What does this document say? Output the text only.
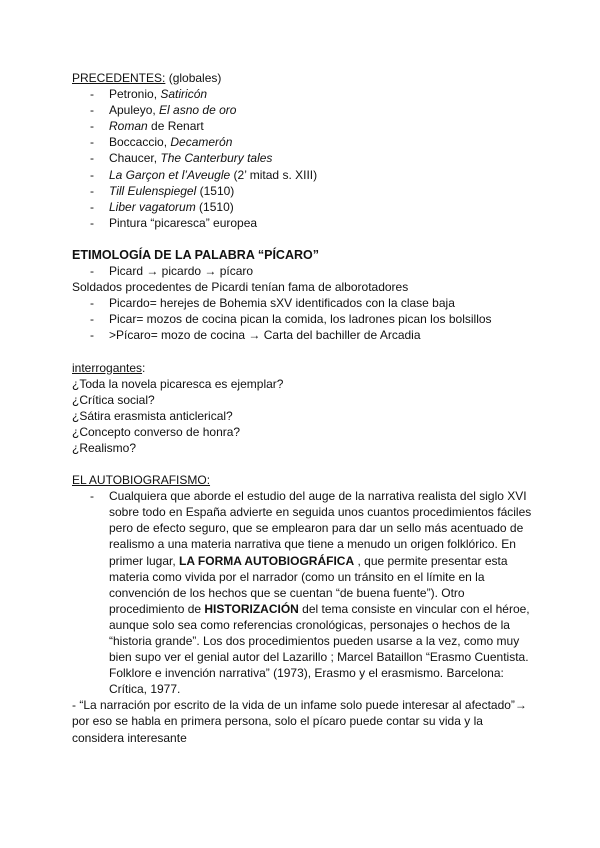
PRECEDENTES: (globales)
- Petronio, Satiricón
- Apuleyo, El asno de oro
- Roman de Renart
- Boccaccio, Decamerón
- Chaucer, The Canterbury tales
- La Garçon et l’Aveugle (2’ mitad s. XIII)
- Till Eulenspiegel (1510)
- Liber vagatorum (1510)
- Pintura “picaresca” europea
ETIMOLOGÍA DE LA PALABRA “PÍCARO”
- Picard → picardo → pícaro
Soldados procedentes de Picardi tenían fama de alborotadores
- Picardo= herejes de Bohemia sXV identificados con la clase baja
- Picar= mozos de cocina pican la comida, los ladrones pican los bolsillos
- >Pícaro= mozo de cocina → Carta del bachiller de Arcadia
interrogantes:
¿Toda la novela picaresca es ejemplar?
¿Crítica social?
¿Sátira erasmista anticlerical?
¿Concepto converso de honra?
¿Realismo?
EL AUTOBIOGRAFISMO:
- Cualquiera que aborde el estudio del auge de la narrativa realista del siglo XVI sobre todo en España advierte en seguida unos cuantos procedimientos fáciles pero de efecto seguro, que se emplearon para dar un sello más acentuado de realismo a una materia narrativa que tiene a menudo un origen folklórico. En primer lugar, LA FORMA AUTOBIOGRÁFICA , que permite presentar esta materia como vivida por el narrador (como un tránsito en el límite en la convención de los hechos que se cuentan “de buena fuente”). Otro procedimiento de HISTORIZACIÓN del tema consiste en vincular con el héroe, aunque solo sea como referencias cronológicas, personajes o hechos de la “historia grande”. Los dos procedimientos pueden usarse a la vez, como muy bien supo ver el genial autor del Lazarillo ; Marcel Bataillon “Erasmo Cuentista. Folklore e invención narrativa” (1973), Erasmo y el erasmismo. Barcelona: Crítica, 1977.
- “La narración por escrito de la vida de un infame solo puede interesar al afectado”→ por eso se habla en primera persona, solo el pícaro puede contar su vida y la considera interesante
